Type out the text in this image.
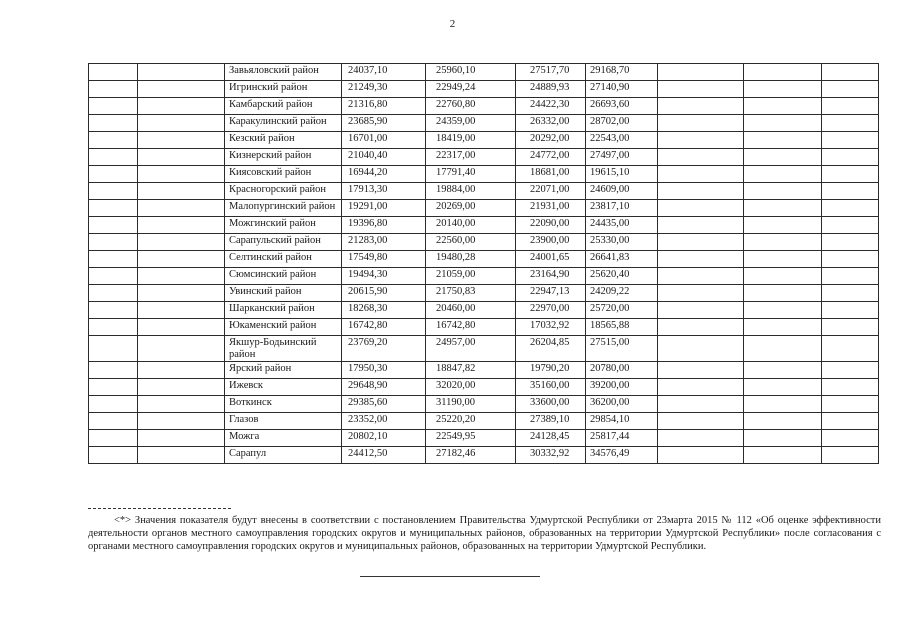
2
		Завьяловский район	24037,10	25960,10	27517,70	29168,70			
		Игринский район	21249,30	22949,24	24889,93	27140,90			
		Камбарский район	21316,80	22760,80	24422,30	26693,60			
		Каракулинский район	23685,90	24359,00	26332,00	28702,00			
		Кезский район	16701,00	18419,00	20292,00	22543,00			
		Кизнерский район	21040,40	22317,00	24772,00	27497,00			
		Киясовский район	16944,20	17791,40	18681,00	19615,10			
		Красногорский район	17913,30	19884,00	22071,00	24609,00			
		Малопургинский район	19291,00	20269,00	21931,00	23817,10			
		Можгинский район	19396,80	20140,00	22090,00	24435,00			
		Сарапульский район	21283,00	22560,00	23900,00	25330,00			
		Селтинский район	17549,80	19480,28	24001,65	26641,83			
		Сюмсинский район	19494,30	21059,00	23164,90	25620,40			
		Увинский район	20615,90	21750,83	22947,13	24209,22			
		Шарканский район	18268,30	20460,00	22970,00	25720,00			
		Юкаменский район	16742,80	16742,80	17032,92	18565,88			
		Якшур-Бодьинский район	23769,20	24957,00	26204,85	27515,00			
		Ярский район	17950,30	18847,82	19790,20	20780,00			
		Ижевск	29648,90	32020,00	35160,00	39200,00			
		Воткинск	29385,60	31190,00	33600,00	36200,00			
		Глазов	23352,00	25220,20	27389,10	29854,10			
		Можга	20802,10	22549,95	24128,45	25817,44			
		Сарапул	24412,50	27182,46	30332,92	34576,49			
<*> Значения показателя будут внесены в соответствии с постановлением Правительства Удмуртской Республики от 23марта 2015 № 112 «Об оценке эффективности деятельности органов местного самоуправления городских округов и муниципальных районов, образованных на территории Удмуртской Республики» после согласования с органами местного самоуправления городских округов и муниципальных районов, образованных на территории Удмуртской Республики.
